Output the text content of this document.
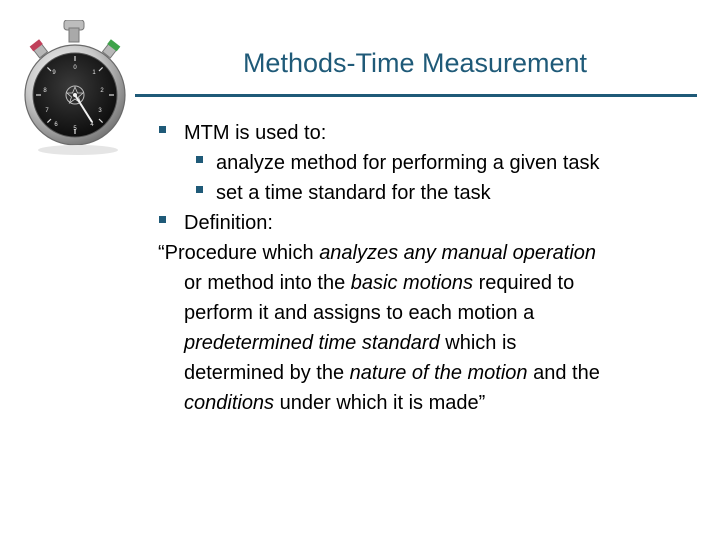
0
1
2
3
4
5
6
7
8
9	Methods-Time Measurement
MTM is used to:
analyze method for performing a given task
set a time standard for the task
Definition:
“Procedure which analyzes any manual operation
or method into the basic motions required to
perform it and assigns to each motion a
predetermined time standard which is
determined by the nature of the motion and the
conditions under which it is made”
